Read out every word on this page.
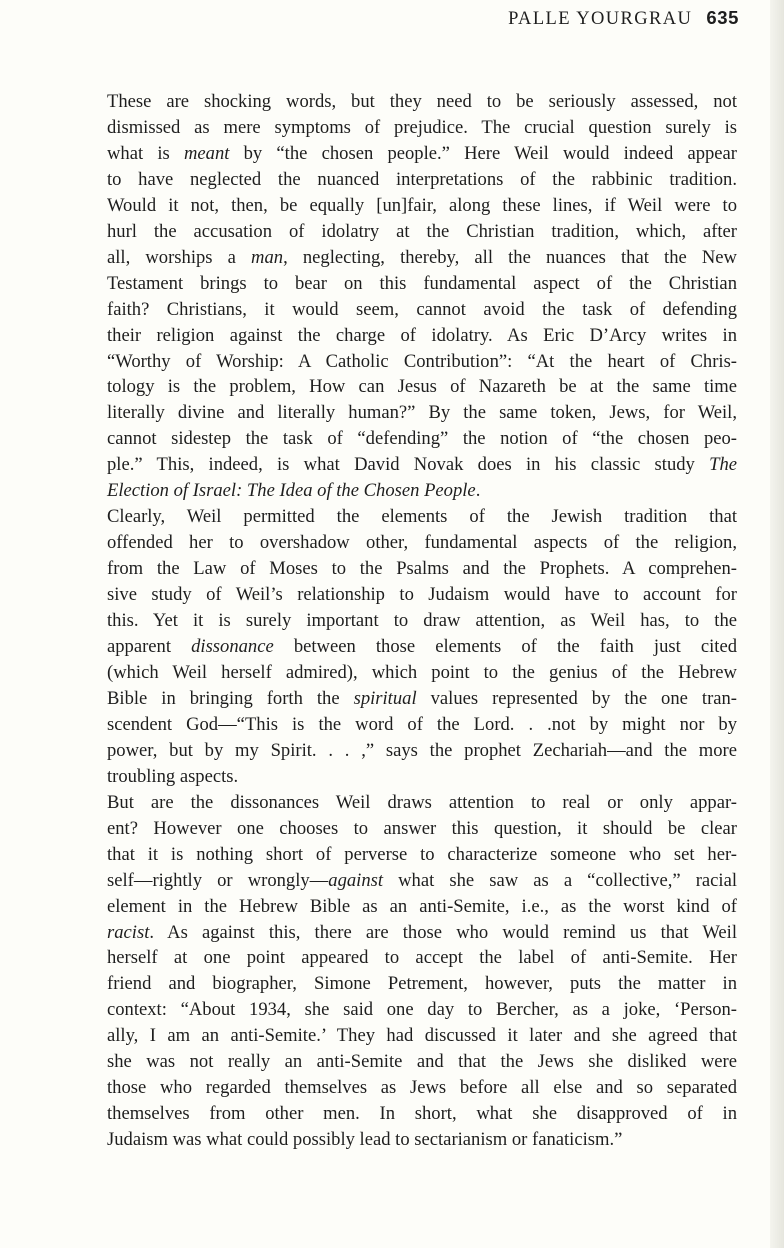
PALLE YOURGRAU 635

These are shocking words, but they need to be seriously assessed, not
dismissed as mere symptoms of prejudice. The crucial question surely is
what is meant by “the chosen people.” Here Weil would indeed appear
to have neglected the nuanced interpretations of the rabbinic tradition.
Would it not, then, be equally [un]fair, along these lines, if Weil were to
hurl the accusation of idolatry at the Christian tradition, which, after
all, worships a man, neglecting, thereby, all the nuances that the New
Testament brings to bear on this fundamental aspect of the Christian
faith? Christians, it would seem, cannot avoid the task of defending
their religion against the charge of idolatry. As Eric D’Arcy writes in
“Worthy of Worship: A Catholic Contribution”: “At the heart of Chris-
tology is the problem, How can Jesus of Nazareth be at the same time
literally divine and literally human?” By the same token, Jews, for Weil,
cannot sidestep the task of “defending” the notion of “the chosen peo-
ple.” This, indeed, is what David Novak does in his classic study The
Election of Israel: The Idea of the Chosen People.

Clearly, Weil permitted the elements of the Jewish tradition that
offended her to overshadow other, fundamental aspects of the religion,
from the Law of Moses to the Psalms and the Prophets. A comprehen-
sive study of Weil’s relationship to Judaism would have to account for
this. Yet it is surely important to draw attention, as Weil has, to the
apparent dissonance between those elements of the faith just cited
(which Weil herself admired), which point to the genius of the Hebrew
Bible in bringing forth the spiritual values represented by the one tran-
scendent God—“This is the word of the Lord. . .not by might nor by
power, but by my Spirit. . . ,” says the prophet Zechariah—and the more
troubling aspects.

But are the dissonances Weil draws attention to real or only appar-
ent? However one chooses to answer this question, it should be clear
that it is nothing short of perverse to characterize someone who set her-
self—rightly or wrongly—against what she saw as a “collective,” racial
element in the Hebrew Bible as an anti-Semite, i.e., as the worst kind of
racist. As against this, there are those who would remind us that Weil
herself at one point appeared to accept the label of anti-Semite. Her
friend and biographer, Simone Petrement, however, puts the matter in
context: “About 1934, she said one day to Bercher, as a joke, ‘Person-
ally, I am an anti-Semite.’ They had discussed it later and she agreed that
she was not really an anti-Semite and that the Jews she disliked were
those who regarded themselves as Jews before all else and so separated
themselves from other men. In short, what she disapproved of in
Judaism was what could possibly lead to sectarianism or fanaticism.”
